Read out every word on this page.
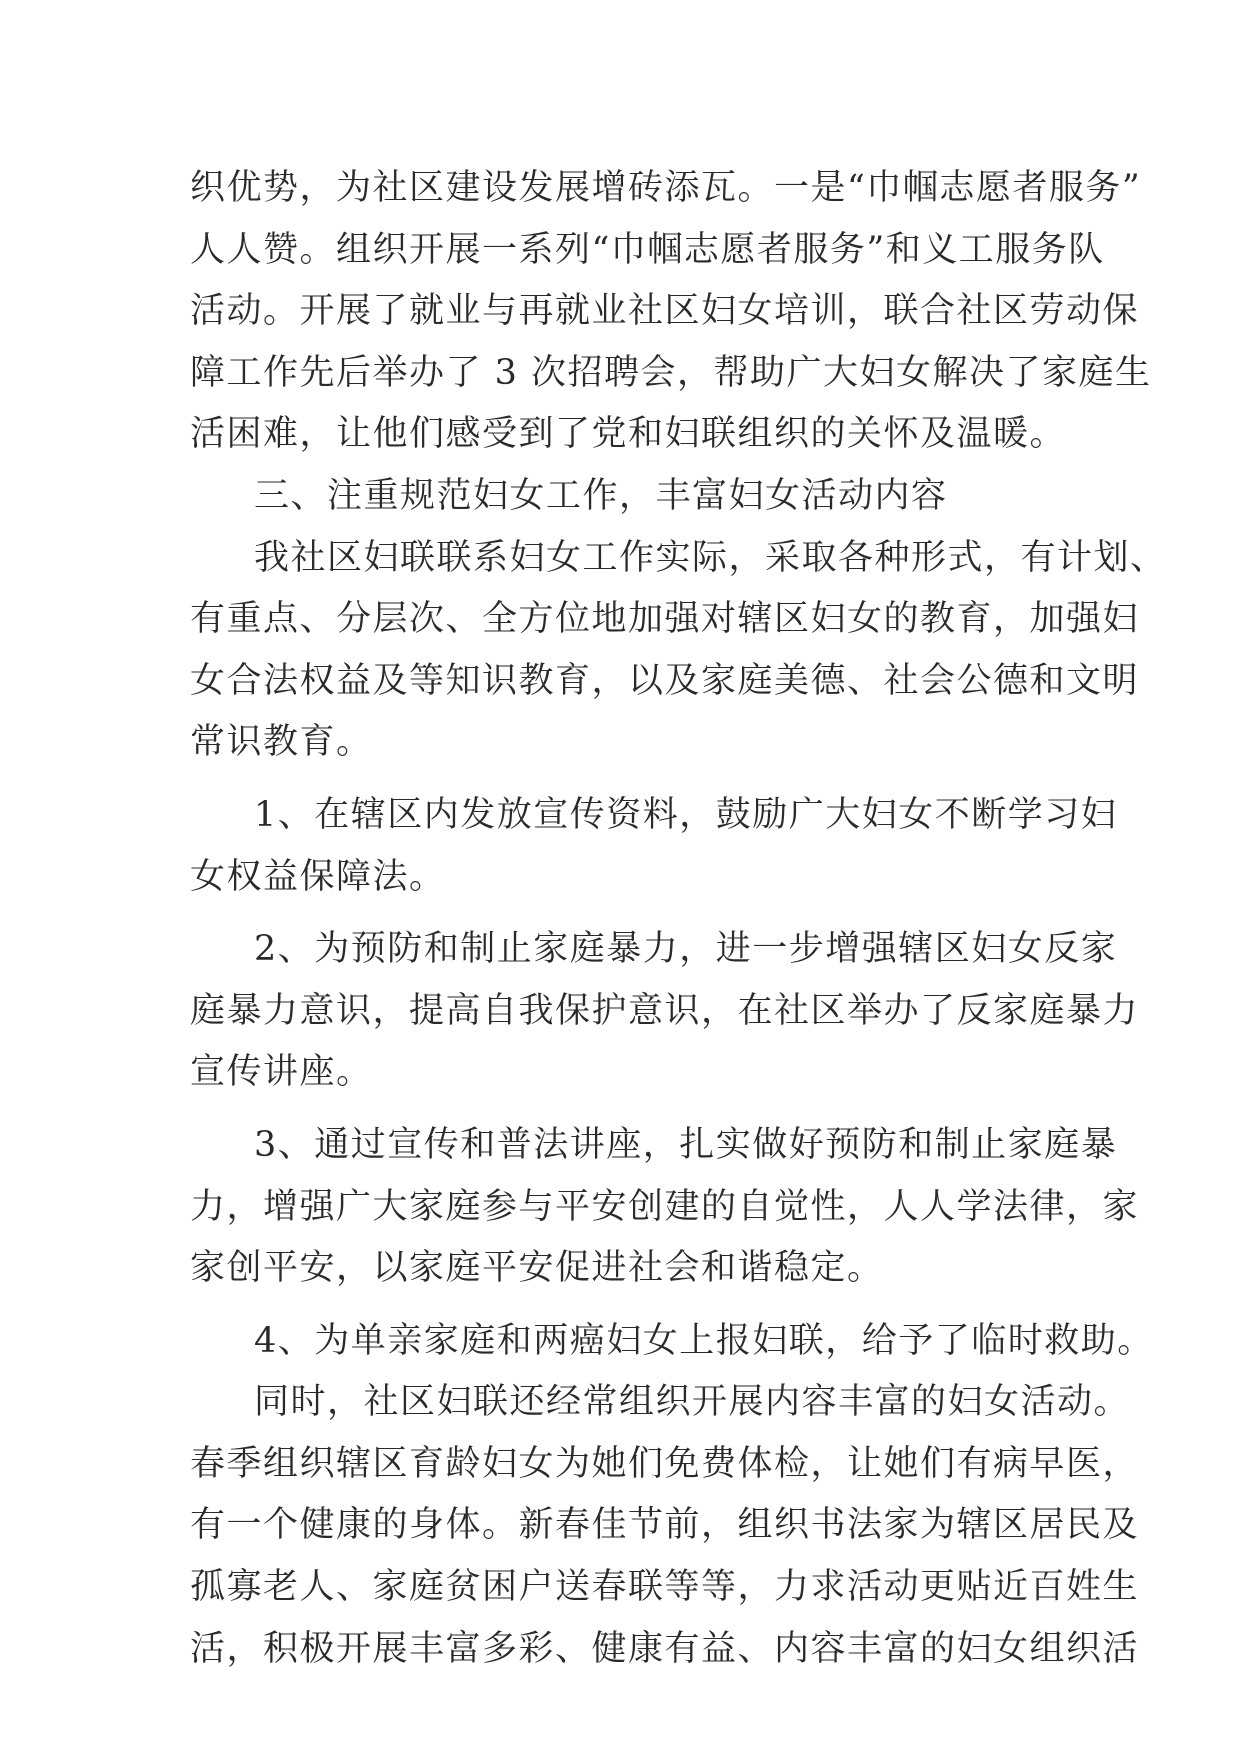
织优势，为社区建设发展增砖添瓦。一是“巾帼志愿者服务”
人人赞。组织开展一系列“巾帼志愿者服务”和义工服务队
活动。开展了就业与再就业社区妇女培训，联合社区劳动保
障工作先后举办了 3 次招聘会，帮助广大妇女解决了家庭生
活困难，让他们感受到了党和妇联组织的关怀及温暖。
三、注重规范妇女工作，丰富妇女活动内容
我社区妇联联系妇女工作实际，采取各种形式，有计划、
有重点、分层次、全方位地加强对辖区妇女的教育，加强妇
女合法权益及等知识教育，以及家庭美德、社会公德和文明
常识教育。
1、在辖区内发放宣传资料，鼓励广大妇女不断学习妇
女权益保障法。
2、为预防和制止家庭暴力，进一步增强辖区妇女反家
庭暴力意识，提高自我保护意识，在社区举办了反家庭暴力
宣传讲座。
3、通过宣传和普法讲座，扎实做好预防和制止家庭暴
力，增强广大家庭参与平安创建的自觉性，人人学法律，家
家创平安，以家庭平安促进社会和谐稳定。
4、为单亲家庭和两癌妇女上报妇联，给予了临时救助。
同时，社区妇联还经常组织开展内容丰富的妇女活动。
春季组织辖区育龄妇女为她们免费体检，让她们有病早医，
有一个健康的身体。新春佳节前，组织书法家为辖区居民及
孤寡老人、家庭贫困户送春联等等，力求活动更贴近百姓生
活，积极开展丰富多彩、健康有益、内容丰富的妇女组织活
